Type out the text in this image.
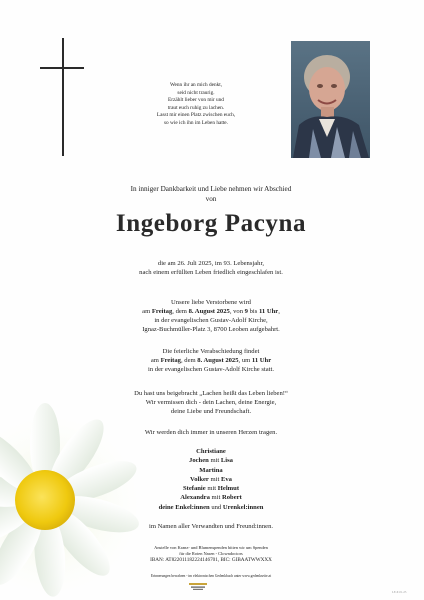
Wenn ihr an mich denkt,
seid nicht traurig.
Erzählt lieber von mir und
traut euch ruhig zu lachen.
Lasst mir einen Platz zwischen euch,
so wie ich ihn im Leben hatte.
In inniger Dankbarkeit und Liebe nehmen wir Abschied
von
Ingeborg Pacyna

die am 26. Juli 2025, im 93. Lebensjahr,

nach einem erfüllten Leben friedlich eingeschlafen ist.

Unsere liebe Verstorbene wird

am Freitag, dem 8. August 2025, von 9 bis 11 Uhr,

in der evangelischen Gustav-Adolf Kirche,

Ignaz-Buchmüller-Platz 3, 8700 Leoben aufgebahrt.

Die feierliche Verabschiedung findet

am Freitag, dem 8. August 2025, um 11 Uhr

in der evangelischen Gustav-Adolf Kirche statt.

Du hast uns beigebracht „Lachen heißt das Leben lieben!“

Wir vermissen dich - dein Lachen, deine Energie,

deine Liebe und Freundschaft.

Wir werden dich immer in unseren Herzen tragen.

Christiane

Jochen mit Lisa

Martina

Volker mit Eva

Stefanie mit Helmut

Alexandra mit Robert

deine Enkel:innen und Urenkel:innen

im Namen aller Verwandten und Freund:innen.
Anstelle von Kranz- und Blumenspenden bitten wir um Spenden
für die Roten Nasen - Clowndoctors
IBAN: AT822011182224146701, BIC: GIBAATWWXXX
Erinnerungen bewahren - im elektronischen Gedenkbuch unter www.gedenkseite.at
LE-P-01-25
